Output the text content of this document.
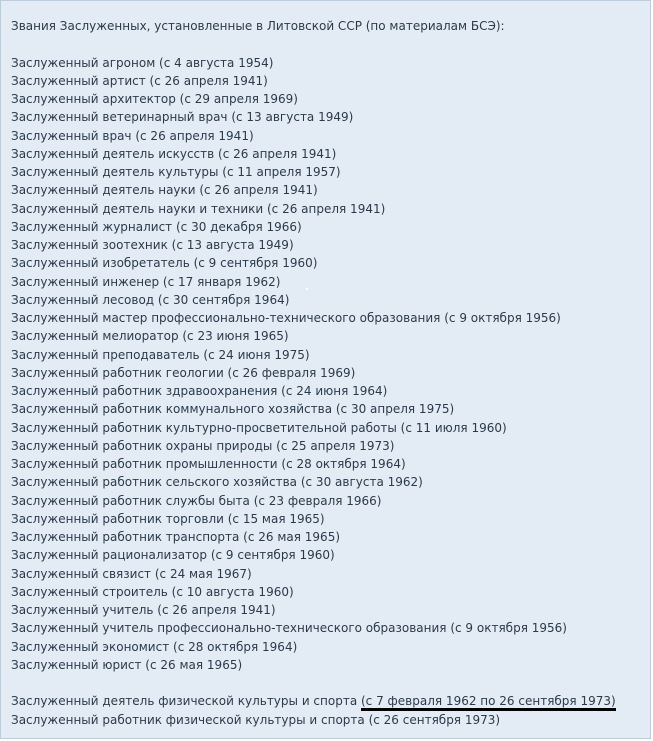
Звания Заслуженных, установленные в Литовской ССР (по материалам БСЭ):
Заслуженный агроном (с 4 августа 1954)
Заслуженный артист (с 26 апреля 1941)
Заслуженный архитектор (с 29 апреля 1969)
Заслуженный ветеринарный врач (с 13 августа 1949)
Заслуженный врач (с 26 апреля 1941)
Заслуженный деятель искусств (с 26 апреля 1941)
Заслуженный деятель культуры (с 11 апреля 1957)
Заслуженный деятель науки (с 26 апреля 1941)
Заслуженный деятель науки и техники (с 26 апреля 1941)
Заслуженный журналист (с 30 декабря 1966)
Заслуженный зоотехник (с 13 августа 1949)
Заслуженный изобретатель (с 9 сентября 1960)
Заслуженный инженер (с 17 января 1962)
Заслуженный лесовод (с 30 сентября 1964)
Заслуженный мастер профессионально-технического образования (с 9 октября 1956)
Заслуженный мелиоратор (с 23 июня 1965)
Заслуженный преподаватель (с 24 июня 1975)
Заслуженный работник геологии (с 26 февраля 1969)
Заслуженный работник здравоохранения (с 24 июня 1964)
Заслуженный работник коммунального хозяйства (с 30 апреля 1975)
Заслуженный работник культурно-просветительной работы (с 11 июля 1960)
Заслуженный работник охраны природы (с 25 апреля 1973)
Заслуженный работник промышленности (с 28 октября 1964)
Заслуженный работник сельского хозяйства (с 30 августа 1962)
Заслуженный работник службы быта (с 23 февраля 1966)
Заслуженный работник торговли (с 15 мая 1965)
Заслуженный работник транспорта (с 26 мая 1965)
Заслуженный рационализатор (с 9 сентября 1960)
Заслуженный связист (с 24 мая 1967)
Заслуженный строитель (с 10 августа 1960)
Заслуженный учитель (с 26 апреля 1941)
Заслуженный учитель профессионально-технического образования (с 9 октября 1956)
Заслуженный экономист (с 28 октября 1964)
Заслуженный юрист (с 26 мая 1965)
Заслуженный деятель физической культуры и спорта (с 7 февраля 1962 по 26 сентября 1973)
Заслуженный работник физической культуры и спорта (с 26 сентября 1973)
